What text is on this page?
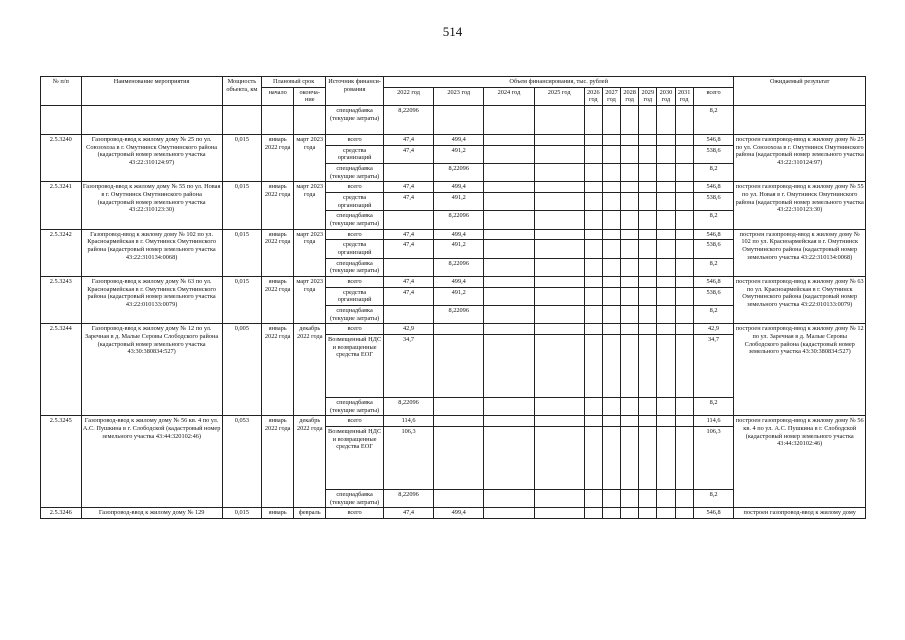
514
№ п/п	Наименование мероприятия	Мощность объекта, км	Плановый срок		Источник финанси-рования	Объем финансирования, тыс. рублей											Ожидаемый результат
			начало	оконча-ние		2022 год	2023 год	2024 год	2025 год	2026 год	2027 год	2028 год	2029 год	2030 год	2031 год	всего	
					спецнадбавка (текущие затраты)	8,22096										8,2	
2.5.3240	Газопровод-ввод к жилому дому № 25 по ул. Союзохоза в г. Омутнинск Омутнинского района (кадастровый номер земельного участка 43:22:310124:97)	0,015	январь 2022 года	март 2023 года	всего	47,4	499,4									546,8	построен газопровод-ввод к жилому дому № 25 по ул. Союзохоза в г. Омутнинск Омутнинского района (кадастровый номер земельного участка 43:22:310124:97)
					средства организаций	47,4	491,2									538,6	
					спецнадбавка (текущие затраты)		8,22096									8,2	
2.5.3241	Газопровод-ввод к жилому дому № 55 по ул. Новая в г. Омутнинск Омутнинского района (кадастровый номер земельного участка 43:22:310123:30)	0,015	январь 2022 года	март 2023 года	всего	47,4	499,4									546,8	построен газопровод-ввод к жилому дому № 55 по ул. Новая в г. Омутнинск Омутнинского района (кадастровый номер земельного участка 43:22:310123:30)
					средства организаций	47,4	491,2									538,6	
					спецнадбавка (текущие затраты)		8,22096									8,2	
2.5.3242	Газопровод-ввод к жилому дому № 102 по ул. Красноармейская в г. Омутнинск Омутнинского района (кадастровый номер земельного участка 43:22:310134:0068)	0,015	январь 2022 года	март 2023 года	всего	47,4	499,4									546,8	построен газопровод-ввод к жилому дому № 102 по ул. Красноармейская в г. Омутнинск Омутнинского района (кадастровый номер земельного участка 43:22:310134:0068)
					средства организаций	47,4	491,2									538,6	
					спецнадбавка (текущие затраты)		8,22096									8,2	
2.5.3243	Газопровод-ввод к жилому дому № 63 по ул. Красноармейская в г. Омутнинск Омутнинского района (кадастровый номер земельного участка 43:22:010133:0079)	0,015	январь 2022 года	март 2023 года	всего	47,4	499,4									546,8	построен газопровод-ввод к жилому дому № 63 по ул. Красноармейская в г. Омутнинск Омутнинского района (кадастровый номер земельного участка 43:22:010133:0079)
					средства организаций	47,4	491,2									538,6	
					спецнадбавка (текущие затраты)		8,22096									8,2	
2.5.3244	Газопровод-ввод к жилому дому № 12 по ул. Заречная в д. Малые Серовы Слободского района (кадастровый номер земельного участка 43:30:380834:527)	0,005	январь 2022 года	декабрь 2022 года	всего	42,9										42,9	построен газопровод-ввод к жилому дому № 12 по ул. Заречная в д. Малые Серовы Слободского района (кадастровый номер земельного участка 43:30:380834:527)
					Возмещенный НДС и возвращенные средства ЕОГ	34,7										34,7	
					спецнадбавка (текущие затраты)	8,22096										8,2	
2.5.3245	Газопровод-ввод к жилому дому № 56 кв. 4 по ул. А.С. Пушкина в г. Слободской (кадастровый номер земельного участка 43:44:320102:46)	0,053	январь 2022 года	декабрь 2022 года	всего	114,6										114,6	построен газопровод-ввод к жилому дому № 56 кв. 4 по ул. А.С. Пушкина в г. Слободской (кадастровый номер земельного участка 43:44:320102:46)
					Возмещенный НДС и возвращенные средства ЕОГ	106,3										106,3	
					спецнадбавка (текущие затраты)	8,22096										8,2	
2.5.3246	Газопровод-ввод к жилому дому № 129	0,015	январь	февраль	всего	47,4	499,4									546,8	построен газопровод-ввод к жилому дому
